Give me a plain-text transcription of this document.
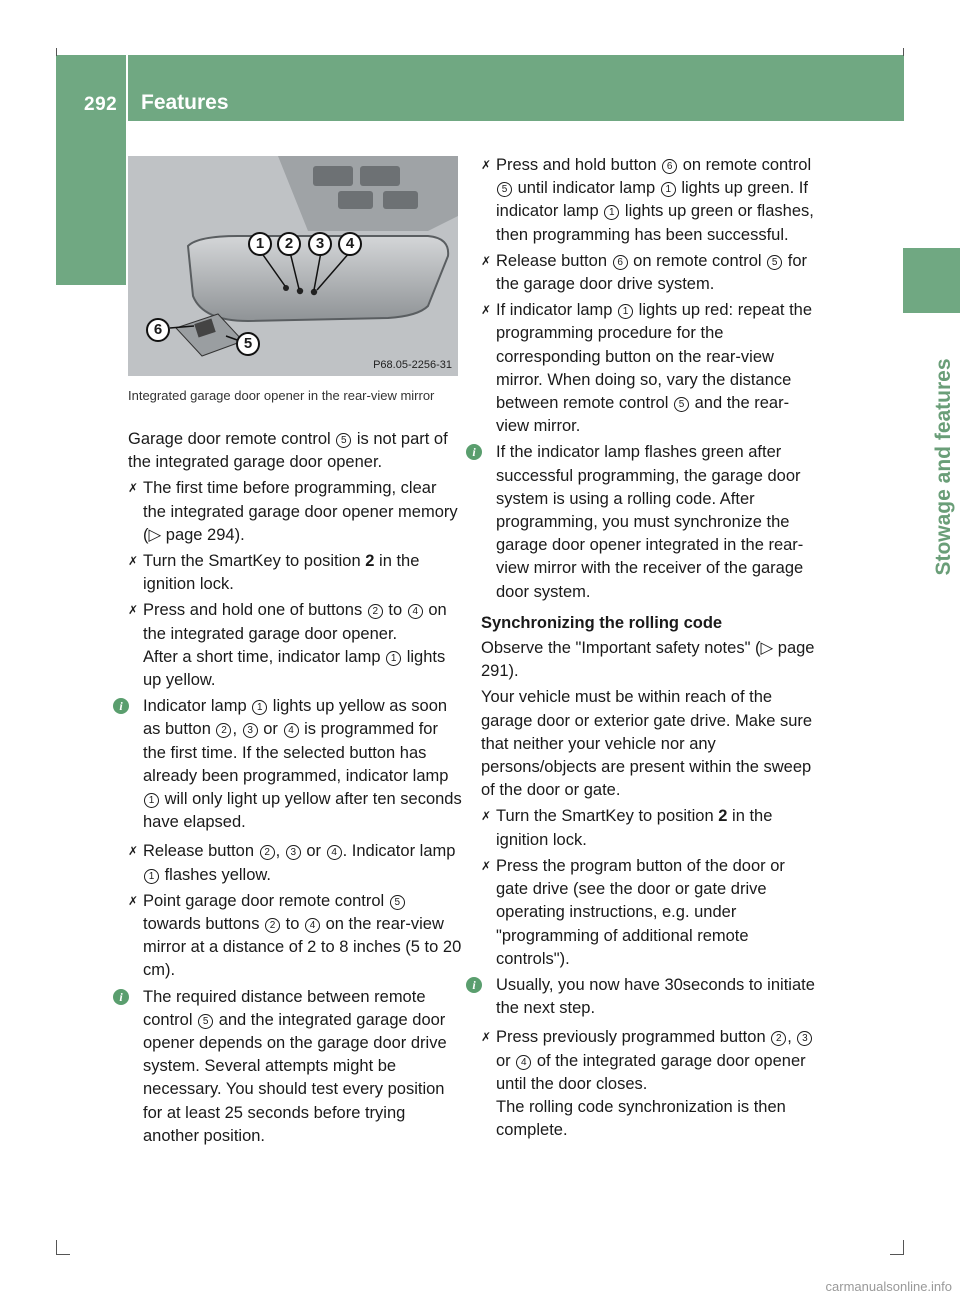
292 Features
Stowage and features
1	2	3	4
5
6
P68.05-2256-31
Integrated garage door opener in the rear-view mirror

Garage door remote control 5 is not part of the integrated garage door opener.

✗ The first time before programming, clear the integrated garage door opener memory (▷ page 294).
✗ Turn the SmartKey to position 2 in the ignition lock.
✗ Press and hold one of buttons 2 to 4 on the integrated garage door opener.
After a short time, indicator lamp 1 lights up yellow.
i	Indicator lamp 1 lights up yellow as soon as button 2 , 3 or 4 is programmed for the first time. If the selected button has already been programmed, indicator lamp 1 will only light up yellow after ten seconds have elapsed.
✗ Release button 2 , 3 or 4 . Indicator lamp 1 flashes yellow.
✗ Point garage door remote control 5 towards buttons 2 to 4 on the rear-view mirror at a distance of 2 to 8 inches (5 to 20 cm).
i	The required distance between remote control 5 and the integrated garage door opener depends on the garage door drive system. Several attempts might be necessary. You should test every position for at least 25 seconds before trying another position.
✗ Press and hold button 6 on remote control 5 until indicator lamp 1 lights up green. If indicator lamp 1 lights up green or flashes, then programming has been successful.
✗ Release button 6 on remote control 5 for the garage door drive system.
✗ If indicator lamp 1 lights up red: repeat the programming procedure for the corresponding button on the rear-view mirror. When doing so, vary the distance between remote control 5 and the rear-view mirror.
i	If the indicator lamp flashes green after successful programming, the garage door system is using a rolling code. After programming, you must synchronize the garage door opener integrated in the rear-view mirror with the receiver of the garage door system.
Synchronizing the rolling code

Observe the "Important safety notes" (▷ page 291).

Your vehicle must be within reach of the garage door or exterior gate drive. Make sure that neither your vehicle nor any persons/objects are present within the sweep of the door or gate.

✗ Turn the SmartKey to position 2 in the ignition lock.
✗ Press the program button of the door or gate drive (see the door or gate drive operating instructions, e.g. under "programming of additional remote controls").
i	Usually, you now have 30seconds to initiate the next step.
✗ Press previously programmed button 2 , 3 or 4 of the integrated garage door opener until the door closes.
The rolling code synchronization is then complete.
carmanualsonline.info
